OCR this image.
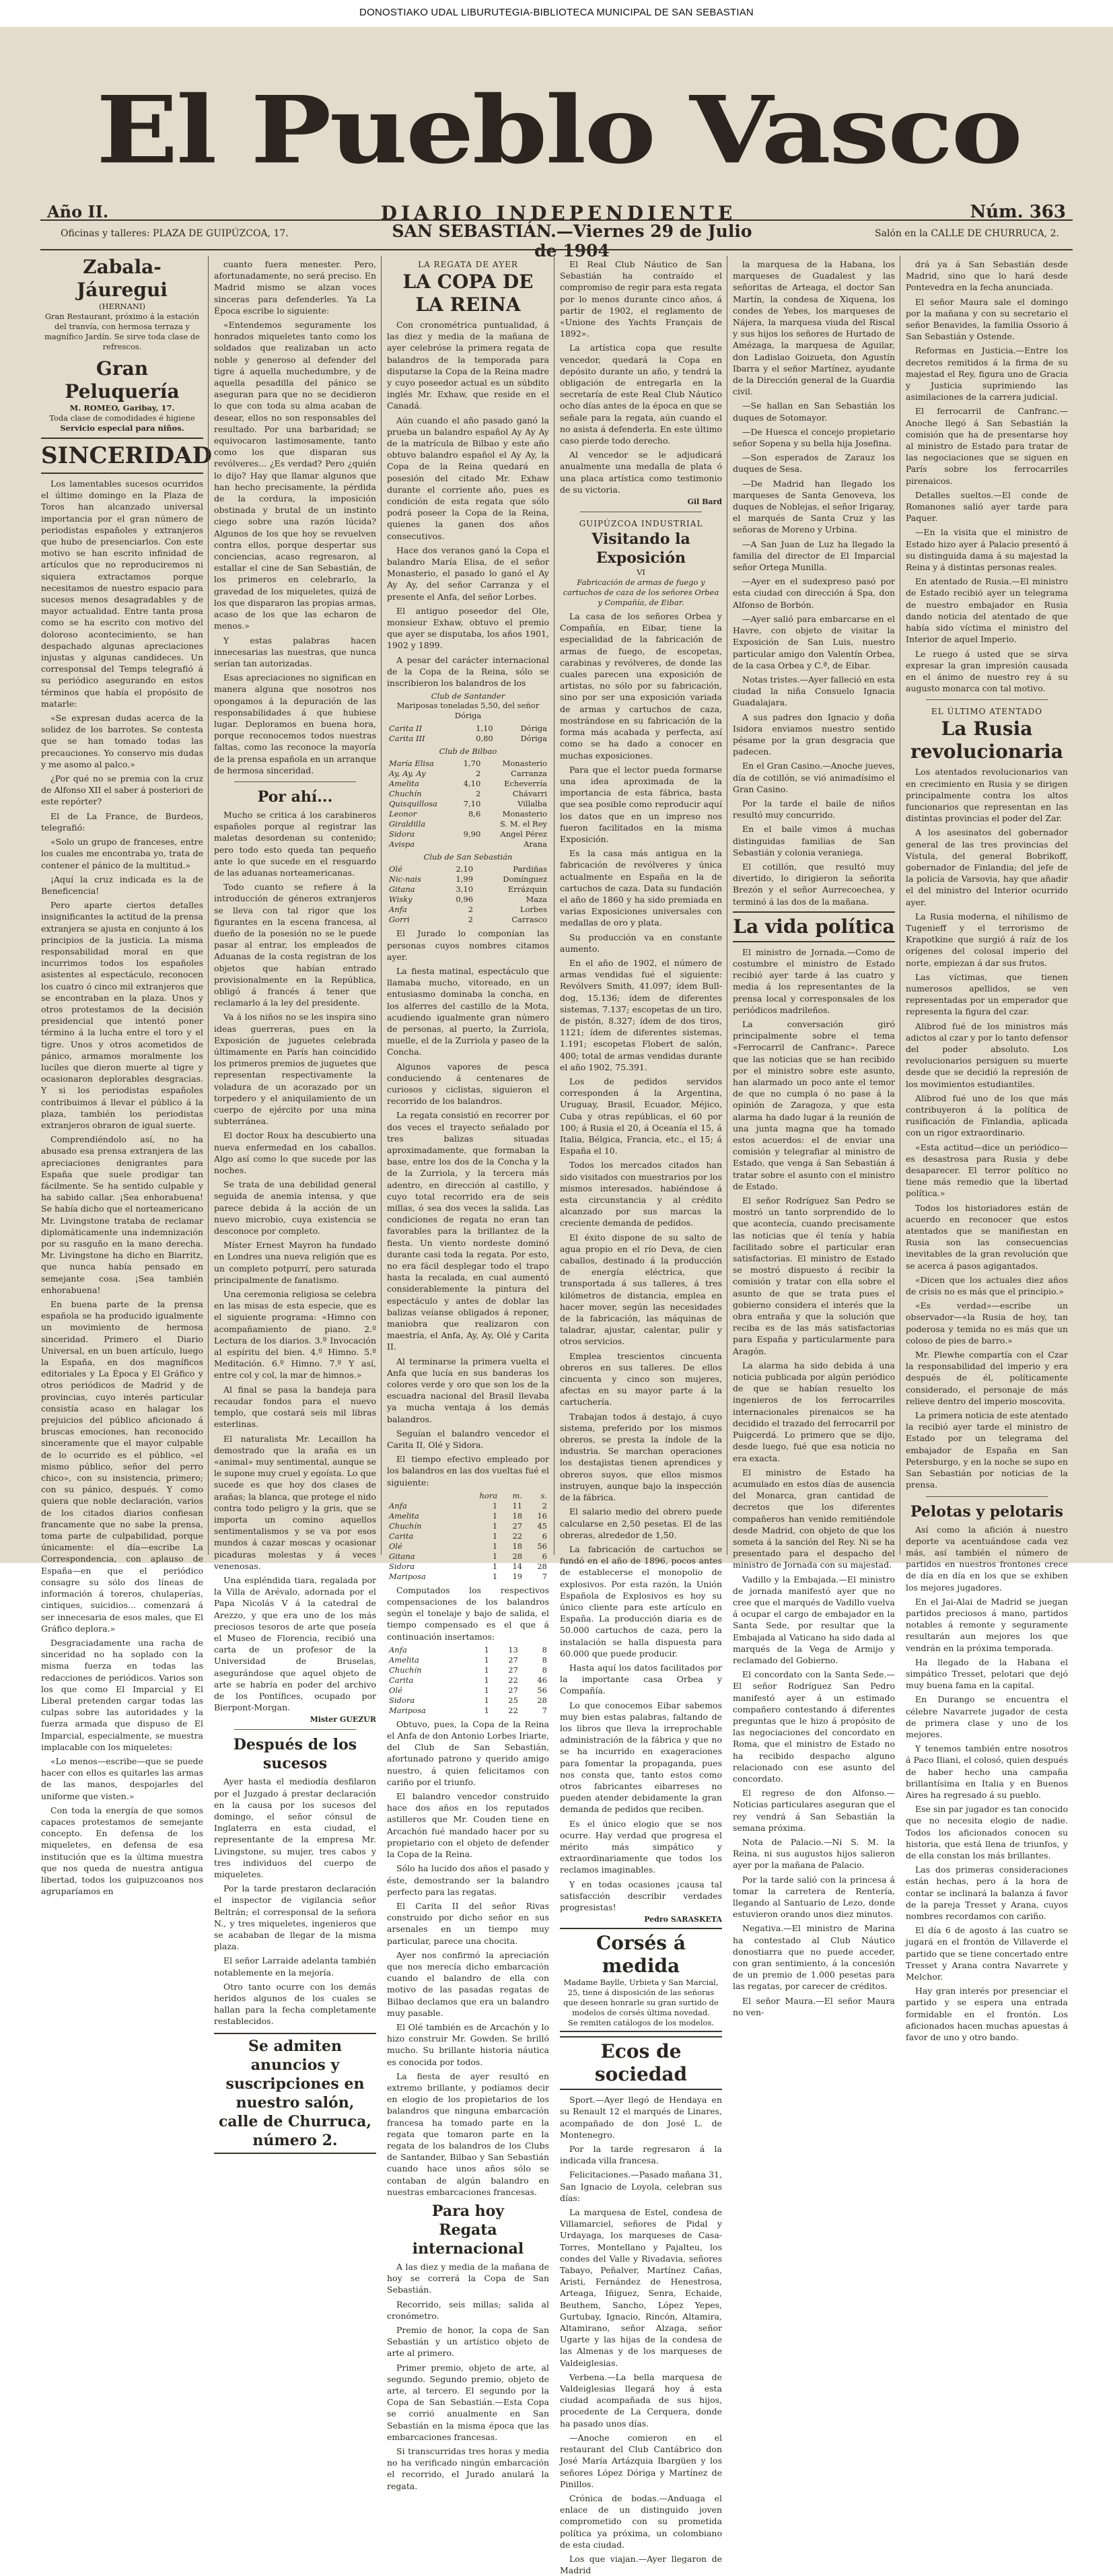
DONOSTIAKO UDAL LIBURUTEGIA-BIBLIOTECA MUNICIPAL DE SAN SEBASTIAN
El Pueblo Vasco
Año II.	DIARIO INDEPENDIENTE	Núm. 363
Oficinas y talleres: PLAZA DE GUIPÚZCOA, 17.	SAN SEBASTIÁN.—Viernes 29 de Julio de 1904
Salón en la CALLE DE CHURRUCA, 2.
Zabala-Jáuregui
(HERNANI)
Gran Restaurant, próximo á la estación del tranvía, con hermosa terraza y magnífico Jardín. Se sirve toda clase de refrescos.
Gran Peluquería
M. ROMEO, Garibay, 17.
Toda clase de comodidades é higiene
Servicio especial para niños.
SINCERIDAD

Los lamentables sucesos ocurridos el último domingo en la Plaza de Toros han alcanzado universal importancia por el gran número de periodistas españoles y extranjeros que hubo de presenciarlos. Con este motivo se han escrito infinidad de artículos que no reproduciremos ni siquiera extractamos porque necesitamos de nuestro espacio para sucesos menos desagradables y de mayor actualidad. Entre tanta prosa como se ha escrito con motivo del doloroso acontecimiento, se han despachado algunas apreciaciones injustas y algunas candideces. Un corresponsal del Temps telegrafió á su periódico asegurando en estos términos que había el propósito de matarle:

«Se expresan dudas acerca de la solidez de los barrotes. Se contesta que se han tomado todas las precauciones. Yo conservo mis dudas y me asomo al palco.»

¿Por qué no se premia con la cruz de Alfonso XII el saber á posteriori de este repórter?

El de La France, de Burdeos, telegrafió:

«Solo un grupo de franceses, entre los cuales me encontraba yo, trata de contener el pánico de la multitud.»

¡Aquí la cruz indicada es la de Beneficencia!

Pero aparte ciertos detalles insignificantes la actitud de la prensa extranjera se ajusta en conjunto á los principios de la justicia. La misma responsabilidad moral en que incurrimos todos los españoles asistentes al espectáculo, reconocen los cuatro ó cinco mil extranjeros que se encontraban en la plaza. Unos y otros protestamos de la decisión presidencial que intentó poner término á la lucha entre el toro y el tigre. Unos y otros acometidos de pánico, armamos moralmente los lucíles que dieron muerte al tigre y ocasionaron deplorables desgracias. Y si los periodistas españoles contribuimos á llevar el público á la plaza, también los periodistas extranjeros obraron de igual suerte.

Comprendiéndolo así, no ha abusado esa prensa extranjera de las apreciaciones denigrantes para España que suele prodigar tan fácilmente. Se ha sentido culpable y ha sabido callar. ¡Sea enhorabuena! Se había dicho que el norteamericano Mr. Livingstone trataba de reclamar diplomáticamente una indemnización por su rasguño en la mano derecha. Mr. Livingstone ha dicho en Biarritz, que nunca había pensado en semejante cosa. ¡Sea también enhorabuena!

En buena parte de la prensa española se ha producido igualmente un movimiento de hermosa sinceridad. Primero el Diario Universal, en un buen artículo, luego la España, en dos magníficos editoriales y La Época y El Gráfico y otros periódicos de Madrid y de provincias, cuyo interés particular consistía acaso en halagar los prejuicios del público aficionado á bruscas emociones, han reconocido sinceramente que el mayor culpable de lo ocurrido es el público, «el mismo público, señor del perro chico», con su insistencia, primero; con su pánico, después. Y como quiera que noble declaración, varios de los citados diarios confiesan francamente que no sabe la prensa, toma parte de culpabilidad, porque únicamente: el día—escribe La Correspondencia, con aplauso de España—en que el periódico consagre su sólo dos líneas de información á toreros, chulaperías, cintiques, suicidios... comenzará á ser innecesaria de esos males, que El Gráfico deplora.»

Desgraciadamente una racha de sinceridad no ha soplado con la misma fuerza en todas las redacciones de periódicos. Varios son los que como El Imparcial y El Liberal pretenden cargar todas las culpas sobre las autoridades y la fuerza armada que dispuso de El Imparcial, especialmente, se muestra implacable con los miqueletes:

«Lo menos—escribe—que se puede hacer con ellos es quitarles las armas de las manos, despojarles del uniforme que visten.»

Con toda la energía de que somos capaces protestamos de semejante concepto. En defensa de los miqueletes, en defensa de esa institución que es la última muestra que nos queda de nuestra antigua libertad, todos los guipuzcoanos nos agruparíamos en

cuanto fuera menester. Pero, afortunadamente, no será preciso. En Madrid mismo se alzan voces sinceras para defenderles. Ya La Época escribe lo siguiente:

«Entendemos seguramente los honrados miqueletes tanto como los soldados que realizaban un acto noble y generoso al defender del tigre á aquella muchedumbre, y de aquella pesadilla del pánico se aseguran para que no se decidieron lo que con toda su alma acaban de desear, ellos no son responsables del resultado. Por una barbaridad; se equivocaron lastimosamente, tanto como los que disparan sus revólveres... ¿Es verdad? Pero ¿quién lo dijo? Hay que llamar algunos que han hecho precisamente, la pérdida de la cordura, la imposición obstinada y brutal de un instinto ciego sobre una razón lúcida? Algunos de los que hoy se revuelven contra ellos, porque despertar sus conciencias, acaso regresaron, al estallar el cine de San Sebastián, de los primeros en celebrarlo, la gravedad de los miqueletes, quizá de los que dispararon las propias armas, acaso de los que las echaron de menos.»

Y estas palabras hacen innecesarias las nuestras, que nunca serían tan autorizadas.

Esas apreciaciones no significan en manera alguna que nosotros nos opongamos á la depuración de las responsabilidades á que hubiese lugar. Deploramos en buena hora, porque reconocemos todos nuestras faltas, como las reconoce la mayoría de la prensa española en un arranque de hermosa sinceridad.

Por ahí...

Mucho se critica á los carabineros españoles porque al registrar las maletas desordenan su contenido; pero todo esto queda tan pequeño ante lo que sucede en el resguardo de las aduanas norteamericanas.

Todo cuanto se refiere á la introducción de géneros extranjeros se lleva con tal rigor que los figurantes en la escena francesa, al dueño de la posesión no se le puede pasar al entrar, los empleados de Aduanas de la costa registran de los objetos que habían entrado provisionalmente en la República, obligó á francés á tener que reclamarlo á la ley del presidente.

Va á los niños no se les inspira sino ideas guerreras, pues en la Exposición de juguetes celebrada últimamente en París han coincidido los primeros premios de juguetes que representan respectivamente la voladura de un acorazado por un torpedero y el aniquilamiento de un cuerpo de ejército por una mina subterránea.

El doctor Roux ha descubierto una nueva enfermedad en los caballos. Algo así como lo que sucede por las noches.

Se trata de una debilidad general seguida de anemia intensa, y que parece debida á la acción de un nuevo microbio, cuya existencia se desconoce por completo.

Míster Ernest Mayron ha fundado en Londres una nueva religión que es un completo potpurrí, pero saturada principalmente de fanatismo.

Una ceremonia religiosa se celebra en las misas de esta especie, que es el siguiente programa: «Himno con acompañamiento de piano. 2.º Lectura de los diarios. 3.º Invocación al espíritu del bien. 4.º Himno. 5.º Meditación. 6.º Himno. 7.º Y así, entre col y col, la mar de himnos.»

Al final se pasa la bandeja para recaudar fondos para el nuevo templo, que costará seis mil libras esterlinas.

El naturalista Mr. Lecaillon ha demostrado que la araña es un «animal» muy sentimental, aunque se le supone muy cruel y egoísta. Lo que sucede es que hoy dos clases de arañas; la blanca, que protege el nido contra todo peligro y la gris, que se importa un comino aquellos sentimentalismos y se va por esos mundos á cazar moscas y ocasionar picaduras molestas y á veces venenosas.

Una espléndida tiara, regalada por la Villa de Arévalo, adornada por el Papa Nicolás V á la catedral de Arezzo, y que era uno de los más preciosos tesoros de arte que poseía el Museo de Florencia, recibió una carta de un profesor de la Universidad de Bruselas, asegurándose que aquel objeto de arte se habría en poder del archivo de los Pontífices, ocupado por Bierpont-Morgan.

Mister GUEZUR
Después de los sucesos

Ayer hasta el mediodía desfilaron por el Juzgado á prestar declaración en la causa por los sucesos del domingo, el señor cónsul de Inglaterra en esta ciudad, el representante de la empresa Mr. Livingstone, su mujer, tres cabos y tres individuos del cuerpo de miqueletes.

Por la tarde prestaron declaración el inspector de vigilancia señor Beltrán; el corresponsal de la señora N., y tres miqueletes, ingenieros que se acababan de llegar de la misma plaza.

El señor Larraide adelanta también notablemente en la mejoría.

Otro tanto ocurre con los demás heridos algunos de los cuales se hallan para la fecha completamente restablecidos.

Se admiten anuncios y suscripciones en nuestro salón, calle de Churruca, número 2.
LA REGATA DE AYER
LA COPA DE LA REINA

Con cronométrica puntualidad, á las diez y media de la mañana de ayer celebróse la primera regata de balandros de la temporada para disputarse la Copa de la Reina madre y cuyo poseedor actual es un súbdito inglés Mr. Exhaw, que reside en el Canadá.

Aún cuando el año pasado ganó la prueba un balandro español Ay Ay Ay de la matrícula de Bilbao y este año obtuvo balandro español el Ay Ay, la Copa de la Reina quedará en posesión del citado Mr. Exhaw durante el corriente año, pues es condición de esta regata que sólo podrá poseer la Copa de la Reina, quienes la ganen dos años consecutivos.

Hace dos veranos ganó la Copa el balandro María Elisa, de el señor Monasterio, el pasado lo ganó el Ay Ay Ay, del señor Carranza y el presente el Anfa, del señor Lorbes.

El antiguo poseedor del Ole, monsieur Exhaw, obtuvo el premio que ayer se disputaba, los años 1901, 1902 y 1899.

A pesar del carácter internacional de la Copa de la Reina, sólo se inscribieron los balandros de los

Club de Santander
Mariposas toneladas 5,50, del señor Dóriga
Carita II	1,10	Dóriga
Carita III	0,80	Dóriga
Club de Bilbao
María Elisa	1,70	Monasterio
Ay, Ay, Ay	2	Carranza
Amelita	4,10	Echeverría
Chuchín	2	Chávarri
Quisquillosa	7,10	Villalba
Leonor	8,6	Monasterio
Giraldilla		S. M. el Rey
Sidora	9,90	Angel Pérez
Avispa		Arana
Club de San Sebastián
Olé	2,10	Pardiñas
Nic-nais	1,99	Domínguez
Gitana	3,10	Errázquin
Wisky	0,96	Maza
Anfa	2	Lorbes
Gorri	2	Carrasco

El Jurado lo componían las personas cuyos nombres citamos ayer.

La fiesta matinal, espectáculo que llamaba mucho, vitoreado, en un entusiasmo dominaba la concha, en los alferres del castillo de la Mota, acudiendo igualmente gran número de personas, al puerto, la Zurriola, muelle, el de la Zurriola y paseo de la Concha.

Algunos vapores de pesca conduciendo á centenares de curiosos y ciclistas, siguieron el recorrido de los balandros.

La regata consistió en recorrer por dos veces el trayecto señalado por tres balizas situadas aproximadamente, que formaban la base, entre los dos de la Concha y la de la Zurriola, y la tercera más adentro, en dirección al castillo, y cuyo total recorrido era de seis millas, ó sea dos veces la salida. Las condiciones de regata no eran tan favorables para la brillantez de la fiesta. Un viento nordeste dominó durante casi toda la regata. Por esto, no era fácil desplegar todo el trapo hasta la recalada, en cual aumentó considerablemente la pintura del espectáculo y antes de doblar las balizas veíanse obligados á reponer, maniobra que realizaron con maestría, el Anfa, Ay, Ay, Olé y Carita II.

Al terminarse la primera vuelta el Anfa que lucía en sus banderas los colores verde y oro que son los de la escuadra nacional del Brasil llevaba ya mucha ventaja á los demás balandros.

Seguían el balandro vencedor el Carita II, Olé y Sidora.

El tiempo efectivo empleado por los balandros en las dos vueltas fué el siguiente:

	hora	m.	s.
Anfa	1	11	2
Amelita	1	18	16
Chuchín	1	27	45
Carita	1	22	6
Olé	1	18	56
Gitana	1	28	6
Sidora	1	14	28
Mariposa	1	19	7

Computados los respectivos compensaciones de los balandros según el tonelaje y bajo de salida, el tiempo compensado es el que á continuación insertamos:

Anfa	1	13	8
Amelita	1	27	8
Chuchín	1	27	8
Carita	1	22	46
Olé	1	27	56
Sidora	1	25	28
Mariposa	1	22	7

Obtuvo, pues, la Copa de la Reina el Anfa de don Antonio Lorbes Iriarte, del Club de San Sebastián, afortunado patrono y querido amigo nuestro, á quien felicitamos con cariño por el triunfo.

El balandro vencedor construido hace dos años en los reputados astilleros que Mr. Couden tiene en Arcachón fué mandado hacer por su propietario con el objeto de defender la Copa de la Reina.

Sólo ha lucido dos años el pasado y éste, demostrando ser la balandro perfecto para las regatas.

El Carita II del señor Rivas construido por dicho señor en sus arsenales en un tiempo muy particular, parece una chocita.

Ayer nos confirmó la apreciación que nos merecía dicho embarcación cuando el balandro de ella con motivo de las pasadas regatas de Bilbao declamos que era un balandro muy pasable.

El Olé también es de Arcachón y lo hizo construir Mr. Gowden. Se brilló mucho. Su brillante historia náutica es conocida por todos.

La fiesta de ayer resultó en extremo brillante, y podíamos decir en elogio de los propietarios de los balandros que ninguna embarcación francesa ha tomado parte en la regata que tomaron parte en la regata de los balandros de los Clubs de Santander, Bilbao y San Sebastián cuando hace unos años sólo se contaban de algún balandro en nuestras embarcaciones francesas.

Para hoy
Regata internacional

A las diez y media de la mañana de hoy se correrá la Copa de San Sebastián.

Recorrido, seis millas; salida al cronómetro.

Premio de honor, la copa de San Sebastián y un artístico objeto de arte al primero.

Primer premio, objeto de arte, al segundo. Segundo premio, objeto de arte, al tercero. El segundo por la Copa de San Sebastián.—Esta Copa se corrió anualmente en San Sebastián en la misma época que las embarcaciones francesas.

Si transcurridas tres horas y media no ha verificado ningún embarcación el recorrido, el Jurado anulará la regata.

El Real Club Náutico de San Sebastián ha contraído el compromiso de regir para esta regata por lo menos durante cinco años, á partir de 1902, el reglamento de «Unione des Yachts Français de 1892».

La artística copa que resulte vencedor, quedará la Copa en depósito durante un año, y tendrá la obligación de entregarla en la secretaría de este Real Club Náutico ocho días antes de la época en que se señale para la regata, aún cuando el no asista á defenderla. En este último caso pierde todo derecho.

Al vencedor se le adjudicará anualmente una medalla de plata ó una placa artística como testimonio de su victoria.

Gil Bard
GUIPÚZCOA INDUSTRIAL
Visitando la Exposición
VI
Fabricación de armas de fuego y cartuchos de caza de los señores Orbea y Compañía, de Eibar.

La casa de los señores Orbea y Compañía, en Eibar, tiene la especialidad de la fabricación de armas de fuego, de escopetas, carabinas y revólveres, de donde las cuales parecen una exposición de artistas, no sólo por su fabricación, sino por ser una exposición variada de armas y cartuchos de caza, mostrándose en su fabricación de la forma más acabada y perfecta, así como se ha dado a conocer en muchas exposiciones.

Para que el lector pueda formarse una idea aproximada de la importancia de esta fábrica, basta que sea posible como reproducir aquí los datos que en un impreso nos fueron facilitados en la misma Exposición.

Es la casa más antigua en la fabricación de revólveres y única actualmente en España en la de cartuchos de caza. Data su fundación el año de 1860 y ha sido premiada en varias Exposiciones universales con medallas de oro y plata.

Su producción va en constante aumento.

En el año de 1902, el número de armas vendidas fué el siguiente: Revólvers Smith, 41.097; ídem Bull-dog, 15.136; ídem de diferentes sistemas, 7.137; escopetas de un tiro, de pistón, 8.327; ídem de dos tiros, 1121; ídem de diferentes sistemas, 1.191; escopetas Flobert de salón, 400; total de armas vendidas durante el año 1902, 75.391.

Los de pedidos servidos corresponden á la Argentina, Uruguay, Brasil, Ecuador, Méjico, Cuba y otras repúblicas, el 60 por 100; á Rusia el 20, á Oceanía el 15, á Italia, Bélgica, Francia, etc., el 15; á España el 10.

Todos los mercados citados han sido visitados con muestrarios por los mismos interesados, habiéndose á esta circunstancia y al crédito alcanzado por sus marcas la creciente demanda de pedidos.

El éxito dispone de su salto de agua propio en el río Deva, de cien caballos, destinado á la producción de energía eléctrica, que transportada á sus talleres, á tres kilómetros de distancia, emplea en hacer mover, según las necesidades de la fabricación, las máquinas de taladrar, ajustar, calentar, pulir y otros servicios.

Emplea trescientos cincuenta obreros en sus talleres. De ellos cincuenta y cinco son mujeres, afectas en su mayor parte á la cartuchería.

Trabajan todos á destajo, á cuyo sistema, preferido por los mismos obreros, se presta la índole de la industria. Se marchan operaciones los destajistas tienen aprendices y obreros suyos, que ellos mismos instruyen, aunque bajo la inspección de la fábrica.

El salario medio del obrero puede calcularse en 2,50 pesetas. El de las obreras, alrededor de 1,50.

La fabricación de cartuchos se fundó en el año de 1896, pocos antes de establecerse el monopolio de explosivos. Por esta razón, la Unión Española de Explosivos es hoy su único cliente para este artículo en España. La producción diaria es de 50.000 cartuchos de caza, pero la instalación se halla dispuesta para 60.000 que puede producir.

Hasta aquí los datos facilitados por la importante casa Orbea y Compañía.

Lo que conocemos Eibar sabemos muy bien estas palabras, faltando de los libros que lleva la irreprochable administración de la fábrica y que no se ha incurrido en exageraciones para fomentar la propaganda, pues nos consta que, tanto estos como otros fabricantes eibarreses no pueden atender debidamente la gran demanda de pedidos que reciben.

Es el único elogio que se nos ocurre. Hay verdad que progresa el mérito más simpático y extraordinariamente que todos los reclamos imaginables.

Y en todas ocasiones ¡causa tal satisfacción describir verdades progresistas!

Pedro SARASKETA
Corsés á medida
Madame Baylle, Urbieta y San Marcial, 25, tiene á disposición de las señoras que deseen honrarle su gran surtido de modelos de corsés última novedad.
Se remiten catálogos de los modelos.
Ecos de sociedad

Sport.—Ayer llegó de Hendaya en su Renault 12 el marqués de Linares, acompañado de don José L. de Montenegro.

Por la tarde regresaron á la indicada villa francesa.

Felicitaciones.—Pasado mañana 31, San Ignacio de Loyola, celebran sus días:

La marquesa de Estel, condesa de Villamarciel, señores de Pidal y Urdayaga, los marqueses de Casa-Torres, Montellano y Pajalteu, los condes del Valle y Rivadavia, señores Tabayo, Peñalver, Martínez Cañas, Aristi, Fernández de Henestrosa, Arteaga, Iñiguez, Senra, Echaide, Beuthem, Sancho, López Yepes, Gurtubay, Ignacio, Rincón, Altamira, Altamirano, señor Alzaga, señor Ugarte y las hijas de la condesa de las Almenas y de los marqueses de Valdeiglesias.

Verbena.—La bella marquesa de Valdeiglesias llegará hoy á esta ciudad acompañada de sus hijos, procedente de La Cerquera, donde ha pasado unos días.

—Anoche comieron en el restaurant del Club Cantábrico don José María Artázquia Ibargüen y los señores López Dóriga y Martínez de Pinillos.

Crónica de bodas.—Anduaga el enlace de un distinguido joven comprometido con su prometida política ya próxima, un colombiano de esta ciudad.

Los que viajan.—Ayer llegaron de Madrid

la marquesa de la Habana, los marqueses de Guadalest y las señoritas de Arteaga, el doctor San Martín, la condesa de Xiquena, los condes de Yebes, los marqueses de Nájera, la marquesa viuda del Riscal y sus hijos los señores de Hurtado de Amézaga, la marquesa de Aguilar, don Ladislao Goizueta, don Agustín Ibarra y el señor Martínez, ayudante de la Dirección general de la Guardia civil.

—Se hallan en San Sebastián los duques de Sotomayor.

—De Huesca el concejo propietario señor Sopena y su bella hija Josefina.

—Son esperados de Zarauz los duques de Sesa.

—De Madrid han llegado los marqueses de Santa Genoveva, los duques de Noblejas, el señor Irigaray, el marqués de Santa Cruz y las señoras de Moreno y Urbina.

—A San Juan de Luz ha llegado la familia del director de El Imparcial señor Ortega Munilla.

—Ayer en el sudexpreso pasó por esta ciudad con dirección á Spa, don Alfonso de Borbón.

—Ayer salió para embarcarse en el Havre, con objeto de visitar la Exposición de San Luis, nuestro particular amigo don Valentín Orbea, de la casa Orbea y C.ª, de Eibar.

Notas tristes.—Ayer falleció en esta ciudad la niña Consuelo Ignacia Guadalajara.

A sus padres don Ignacio y doña Isidora enviamos nuestro sentido pésame por la gran desgracia que padecen.

En el Gran Casino.—Anoche jueves, día de cotillón, se vió animadísimo el Gran Casino.

Por la tarde el baile de niños resultó muy concurrido.

En el baile vimos á muchas distinguidas familias de San Sebastián y colonia veraniega.

El cotillón, que resultó muy divertido, lo dirigieron la señorita Brezón y el señor Aurrecoechea, y terminó á las dos de la mañana.

La vida política

El ministro de Jornada.—Como de costumbre el ministro de Estado recibió ayer tarde á las cuatro y media á los representantes de la prensa local y corresponsales de los periódicos madrileños.

La conversación giró principalmente sobre el tema «Ferrocarril de Canfranc». Parece que las noticias que se han recibido por el ministro sobre este asunto, han alarmado un poco ante el temor de que no cumpla ó no pase á la opinión de Zaragoza, y que esta alarma ha dado lugar á la reunión de una junta magna que ha tomado estos acuerdos: el de enviar una comisión y telegrafiar al ministro de Estado, que venga á San Sebastián á tratar sobre el asunto con el ministro de Estado.

El señor Rodríguez San Pedro se mostró un tanto sorprendido de lo que acontecía, cuando precisamente las noticias que él tenía y había facilitado sobre el particular eran satisfactorias. El ministro de Estado se mostró dispuesto á recibir la comisión y tratar con ella sobre el asunto de que se trata pues el gobierno considera el interés que la obra entraña y que la solución que reciba es de las más satisfactorias para España y particularmente para Aragón.

La alarma ha sido debida á una noticia publicada por algún periódico de que se habían resuelto los ingenieros de los ferrocarriles internacionales pirenaicos se ha decidido el trazado del ferrocarril por Puigcerdá. Lo primero que se dijo, desde luego, fué que esa noticia no era exacta.

El ministro de Estado ha acumulado en estos días de ausencia del Monarca, gran cantidad de decretos que los diferentes compañeros han venido remitiéndole desde Madrid, con objeto de que los someta á la sanción del Rey. Ni se ha presentado para el despacho del ministro de Jornada con su majestad.

Vadillo y la Embajada.—El ministro de jornada manifestó ayer que no cree que el marqués de Vadillo vuelva á ocupar el cargo de embajador en la Santa Sede, por resultar que la Embajada al Vaticano ha sido dada al marqués de la Vega de Armijo y reclamado del Gobierno.

El concordato con la Santa Sede.—El señor Rodríguez San Pedro manifestó ayer á un estimado compañero contestando á diferentes preguntas que le hizo á propósito de las negociaciones del concordato en Roma, que el ministro de Estado no ha recibido despacho alguno relacionado con ese asunto del concordato.

El regreso de don Alfonso.—Noticias particulares aseguran que el rey vendrá á San Sebastián la semana próxima.

Nota de Palacio.—Ni S. M. la Reina, ni sus augustos hijos salieron ayer por la mañana de Palacio.

Por la tarde salió con la princesa á tomar la carretera de Rentería, llegando al Santuario de Lezo, donde estuvieron orando unos diez minutos.

Negativa.—El ministro de Marina ha contestado al Club Náutico donostiarra que no puede acceder, con gran sentimiento, á la concesión de un premio de 1.000 pesetas para las regatas, por carecer de créditos.

El señor Maura.—El señor Maura no ven-

drá ya á San Sebastián desde Madrid, sino que lo hará desde Pontevedra en la fecha anunciada.

El señor Maura sale el domingo por la mañana y con su secretario el señor Benavides, la familia Ossorio á San Sebastián y Ostende.

Reformas en Justicia.—Entre los decretos remitidos á la firma de su majestad el Rey, figura uno de Gracia y Justicia suprimiendo las asimilaciones de la carrera judicial.

El ferrocarril de Canfranc.—Anoche llegó á San Sebastián la comisión que ha de presentarse hoy al ministro de Estado para tratar de las negociaciones que se siguen en París sobre los ferrocarriles pirenaicos.

Detalles sueltos.—El conde de Romanones salió ayer tarde para Paquer.

—En la visita que el ministro de Estado hizo ayer á Palacio presentó á su distinguida dama á su majestad la Reina y á distintas personas reales.

En atentado de Rusia.—El ministro de Estado recibió ayer un telegrama de nuestro embajador en Rusia dando noticia del atentado de que había sido víctima el ministro del Interior de aquel Imperio.

Le ruego á usted que se sirva expresar la gran impresión causada en el ánimo de nuestro rey á su augusto monarca con tal motivo.

EL ÚLTIMO ATENTADO
La Rusia revolucionaria

Los atentados revolucionarios van en crecimiento en Rusia y se dirigen principalmente contra los altos funcionarios que representan en las distintas provincias el poder del Zar.

A los asesinatos del gobernador general de las tres provincias del Vístula, del general Bobrikoff, gobernador de Finlandia; del jefe de la policía de Varsovia, hay que añadir el del ministro del Interior ocurrido ayer.

La Rusia moderna, el nihilismo de Tugenieff y el terrorismo de Krapotkine que surgió á raíz de los orígenes del colosal imperio del norte, empiezan á dar sus frutos.

Las víctimas, que tienen numerosos apellidos, se ven representadas por un emperador que representa la figura del czar.

Alibrod fué de los ministros más adictos al czar y por lo tanto defensor del poder absoluto. Los revolucionarios persiguen su muerte desde que se decidió la represión de los movimientos estudiantiles.

Alibrod fué uno de los que más contribuyeron á la política de rusificación de Finlandia, aplicada con un rigor extraordinario.

«Esta actitud—dice un periódico—es desastrosa para Rusia y debe desaparecer. El terror político no tiene más remedio que la libertad política.»

Todos los historiadores están de acuerdo en reconocer que estos atentados que se manifiestan en Rusia son las consecuencias inevitables de la gran revolución que se acerca á pasos agigantados.

«Dicen que los actuales diez años de crisis no es más que el principio.»

«Es verdad»—escribe un observador—«la Rusia de hoy, tan poderosa y temida no es más que un coloso de pies de barro.»

Mr. Plewhe compartía con el Czar la responsabilidad del imperio y era después de él, políticamente considerado, el personaje de más relieve dentro del imperio moscovita.

La primera noticia de este atentado la recibió ayer tarde el ministro de Estado por un telegrama del embajador de España en San Petersburgo, y en la noche se supo en San Sebastián por noticias de la prensa.

Pelotas y pelotaris

Así como la afición á nuestro deporte va acentuándose cada vez más, así también el número de partidos en nuestros frontones crece de día en día en los que se exhiben los mejores jugadores.

En el Jai-Alai de Madrid se juegan partidos preciosos á mano, partidos notables á remonte y seguramente resultarán aun mejores los que vendrán en la próxima temporada.

Ha llegado de la Habana el simpático Tresset, pelotari que dejó muy buena fama en la capital.

En Durango se encuentra el célebre Navarrete jugador de cesta de primera clase y uno de los mejores.

Y tenemos también entre nosotros á Paco Iliani, el colosó, quien después de haber hecho una campaña brillantísima en Italia y en Buenos Aires ha regresado á su pueblo.

Ese sin par jugador es tan conocido que no necesita elogio de nadie. Todos los aficionados conocen su historia, que está llena de triunfos, y de ella constan los más brillantes.

Las dos primeras consideraciones están hechas, pero á la hora de contar se inclinará la balanza á favor de la pareja Tresset y Arana, cuyos nombres recordamos con cariño.

El día 6 de agosto á las cuatro se jugará en el frontón de Villaverde el partido que se tiene concertado entre Tresset y Arana contra Navarrete y Melchor.

Hay gran interés por presenciar el partido y se espera una entrada formidable en el frontón. Los aficionados hacen muchas apuestas á favor de uno y otro bando.
